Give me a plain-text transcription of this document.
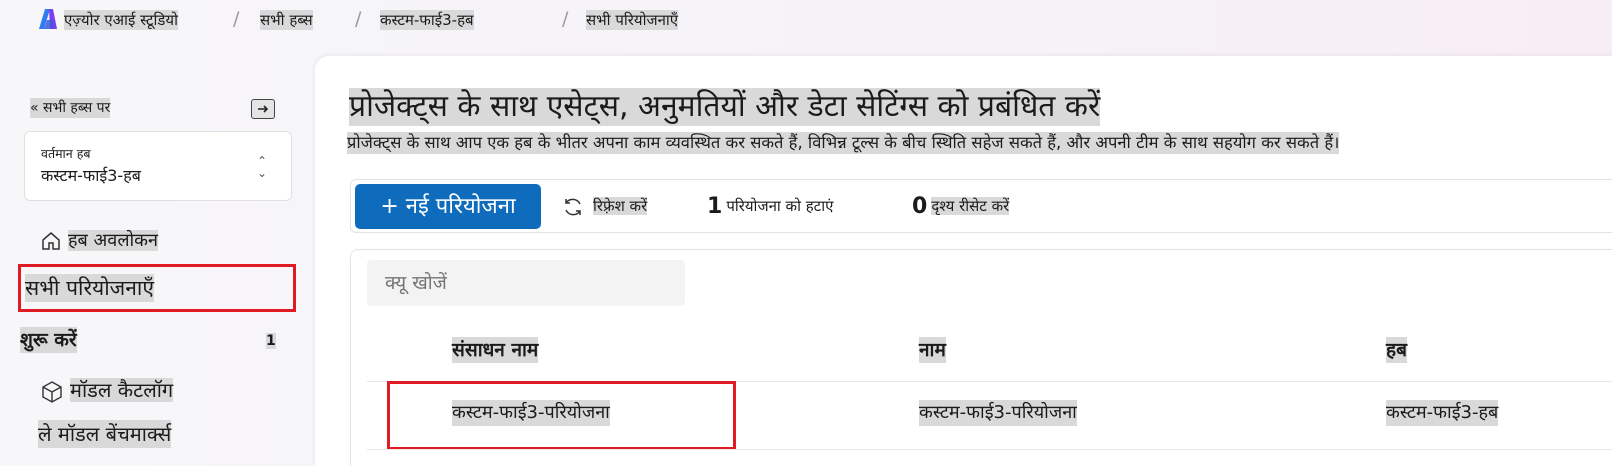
एज़्योर एआई स्टूडियो	/ सभी हब्स / कस्टम-फाई3-हब	/ सभी परियोजनाएँ
« सभी हब्स पर
वर्तमान हब
कस्टम-फाई3-हब
⌃
⌄
हब अवलोकन
सभी परियोजनाएँ
शुरू करें	1
मॉडल कैटलॉग
ले मॉडल बेंचमार्क्स
प्रोजेक्ट्स के साथ एसेट्स, अनुमतियों और डेटा सेटिंग्स को प्रबंधित करें

प्रोजेक्ट्स के साथ आप एक हब के भीतर अपना काम व्यवस्थित कर सकते हैं, विभिन्न टूल्स के बीच स्थिति सहेज सकते हैं, और अपनी टीम के साथ सहयोग कर सकते हैं।

+ नई परियोजना	रिफ़्रेश करें	1 परियोजना को हटाएं	0 दृश्य रीसेट करें
क्यू खोजें
संसाधन नाम	नाम	हब
कस्टम-फाई3-परियोजना	कस्टम-फाई3-परियोजना	कस्टम-फाई3-हब
